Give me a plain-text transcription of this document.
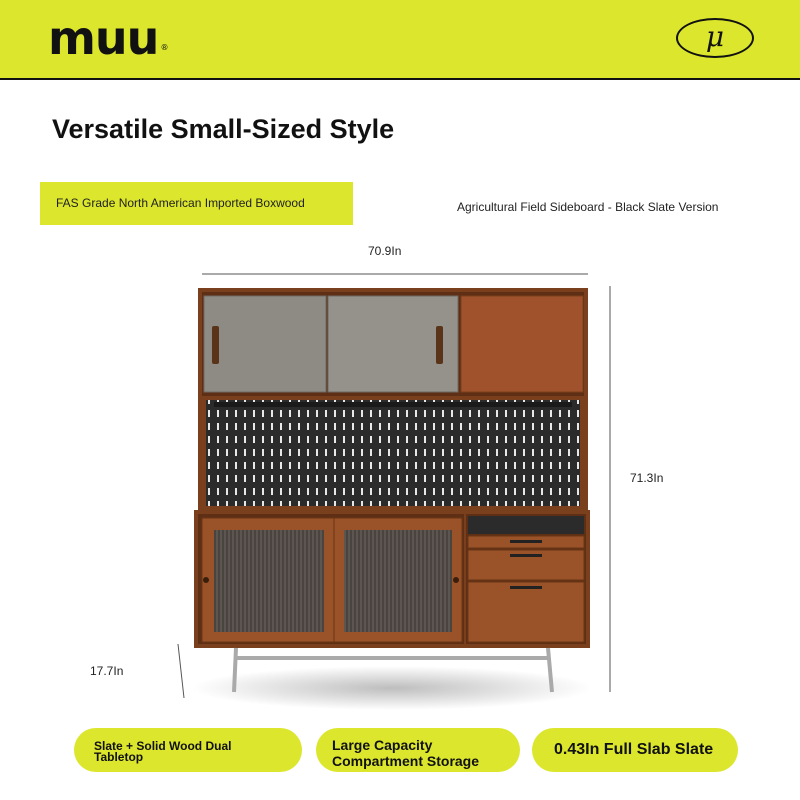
muu ®	μ
Versatile Small-Sized Style
FAS Grade North American Imported Boxwood	Agricultural Field Sideboard - Black Slate Version
70.9In
71.3In
17.7In
Slate + Solid Wood Dual
Tabletop
Large Capacity
Compartment Storage
0.43In Full Slab Slate
